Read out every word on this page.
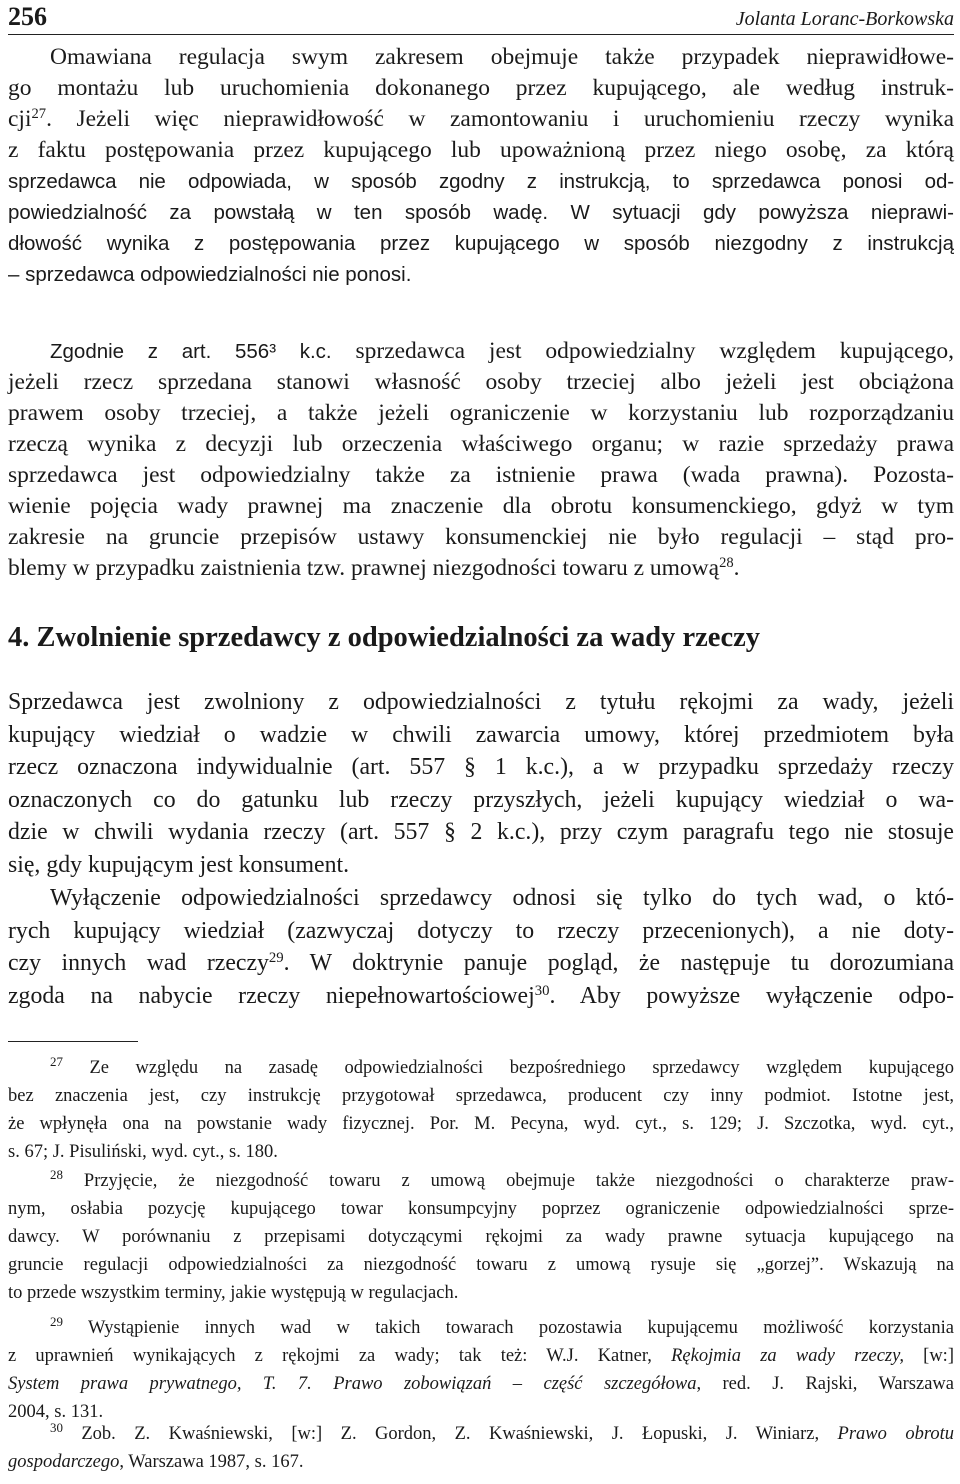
256	Jolanta Loranc-Borkowska

Omawiana regulacja swym zakresem obejmuje także przypadek nieprawidłowe-
go montażu lub uruchomienia dokonanego przez kupującego, ale według instruk-
cji$^{27}$. Jeżeli więc nieprawidłowość w zamontowaniu i uruchomieniu rzeczy wynika
z faktu postępowania przez kupującego lub upoważnioną przez niego osobę, za którą
sprzedawca nie odpowiada, w sposób zgodny z instrukcją, to sprzedawca ponosi od-
powiedzialność za powstałą w ten sposób wadę. W sytuacji gdy powyższa nieprawi-
dłowość wynika z postępowania przez kupującego w sposób niezgodny z instrukcją
– sprzedawca odpowiedzialności nie ponosi.

Zgodnie z art. 556³ k.c. sprzedawca jest odpowiedzialny względem kupującego,
jeżeli rzecz sprzedana stanowi własność osoby trzeciej albo jeżeli jest obciążona
prawem osoby trzeciej, a także jeżeli ograniczenie w korzystaniu lub rozporządzaniu
rzeczą wynika z decyzji lub orzeczenia właściwego organu; w razie sprzedaży prawa
sprzedawca jest odpowiedzialny także za istnienie prawa (wada prawna). Pozosta-
wienie pojęcia wady prawnej ma znaczenie dla obrotu konsumenckiego, gdyż w tym
zakresie na gruncie przepisów ustawy konsumenckiej nie było regulacji – stąd pro-
blemy w przypadku zaistnienia tzw. prawnej niezgodności towaru z umową$^{28}$.

4. Zwolnienie sprzedawcy z odpowiedzialności za wady rzeczy

Sprzedawca jest zwolniony z odpowiedzialności z tytułu rękojmi za wady, jeżeli
kupujący wiedział o wadzie w chwili zawarcia umowy, której przedmiotem była
rzecz oznaczona indywidualnie (art. 557 § 1 k.c.), a w przypadku sprzedaży rzeczy
oznaczonych co do gatunku lub rzeczy przyszłych, jeżeli kupujący wiedział o wa-
dzie w chwili wydania rzeczy (art. 557 § 2 k.c.), przy czym paragrafu tego nie stosuje
się, gdy kupującym jest konsument.

Wyłączenie odpowiedzialności sprzedawcy odnosi się tylko do tych wad, o któ-
rych kupujący wiedział (zazwyczaj dotyczy to rzeczy przecenionych), a nie doty-
czy innych wad rzeczy$^{29}$. W doktrynie panuje pogląd, że następuje tu dorozumiana
zgoda na nabycie rzeczy niepełnowartościowej$^{30}$. Aby powyższe wyłączenie odpo-

$^{27}$ Ze względu na zasadę odpowiedzialności bezpośredniego sprzedawcy względem kupującego
bez znaczenia jest, czy instrukcję przygotował sprzedawca, producent czy inny podmiot. Istotne jest,
że wpłynęła ona na powstanie wady fizycznej. Por. M. Pecyna, wyd. cyt., s. 129; J. Szczotka, wyd. cyt.,
s. 67; J. Pisuliński, wyd. cyt., s. 180.

$^{28}$ Przyjęcie, że niezgodność towaru z umową obejmuje także niezgodności o charakterze praw-
nym, osłabia pozycję kupującego towar konsumpcyjny poprzez ograniczenie odpowiedzialności sprze-
dawcy. W porównaniu z przepisami dotyczącymi rękojmi za wady prawne sytuacja kupującego na
gruncie regulacji odpowiedzialności za niezgodność towaru z umową rysuje się „gorzej”. Wskazują na
to przede wszystkim terminy, jakie występują w regulacjach.

$^{29}$ Wystąpienie innych wad w takich towarach pozostawia kupującemu możliwość korzystania
z uprawnień wynikających z rękojmi za wady; tak też: W.J. Katner, Rękojmia za wady rzeczy, [w:]
System prawa prywatnego, T. 7. Prawo zobowiązań – część szczegółowa, red. J. Rajski, Warszawa
2004, s. 131.

$^{30}$ Zob. Z. Kwaśniewski, [w:] Z. Gordon, Z. Kwaśniewski, J. Łopuski, J. Winiarz, Prawo obrotu
gospodarczego, Warszawa 1987, s. 167.
